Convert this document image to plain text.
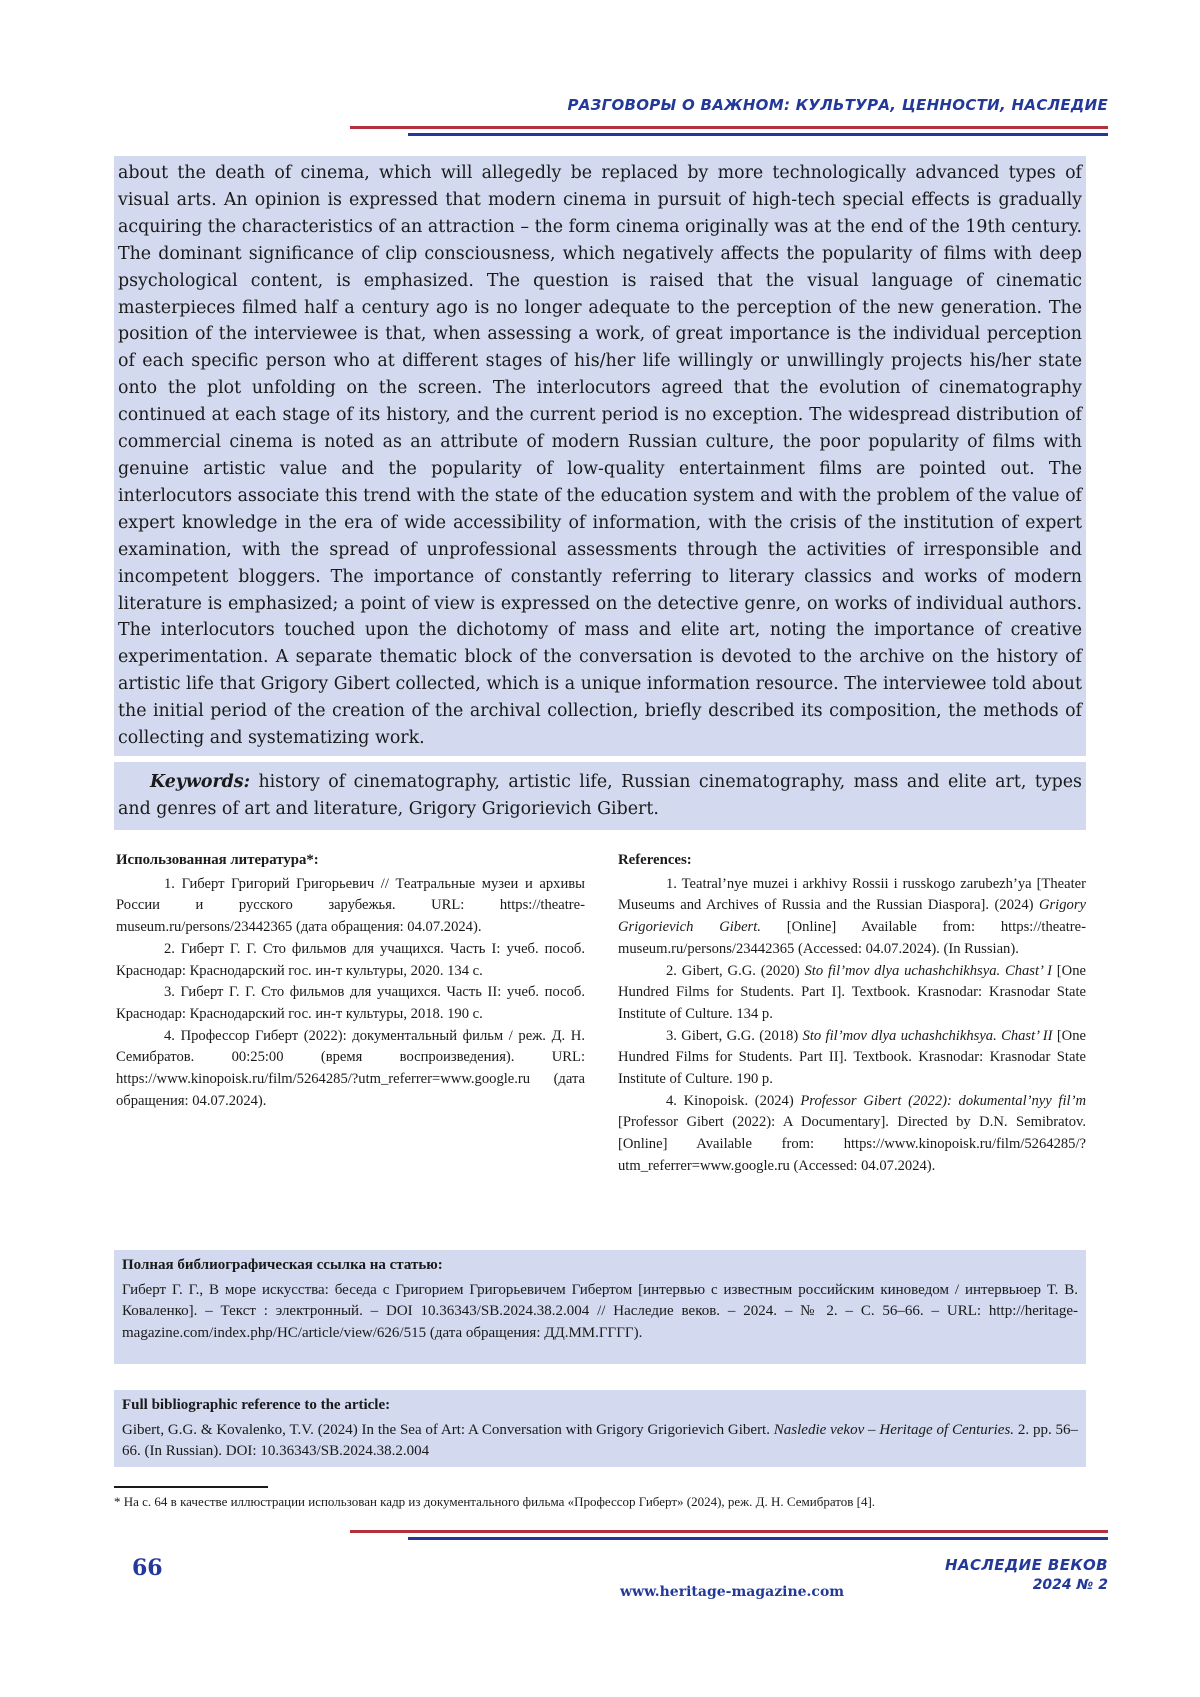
РАЗГОВОРЫ О ВАЖНОМ: КУЛЬТУРА, ЦЕННОСТИ, НАСЛЕДИЕ

about the death of cinema, which will allegedly be replaced by more technologically advanced types of visual arts. An opinion is expressed that modern cinema in pursuit of high-tech special effects is gradually acquiring the characteristics of an attraction – the form cinema originally was at the end of the 19th century. The dominant significance of clip consciousness, which negatively affects the popularity of films with deep psychological content, is emphasized. The question is raised that the visual language of cinematic masterpieces filmed half a century ago is no longer adequate to the perception of the new generation. The position of the interviewee is that, when assessing a work, of great importance is the individual perception of each specific person who at different stages of his/her life willingly or unwillingly projects his/her state onto the plot unfolding on the screen. The interlocutors agreed that the evolution of cinematography continued at each stage of its history, and the current period is no exception. The widespread distribution of commercial cinema is noted as an attribute of modern Russian culture, the poor popularity of films with genuine artistic value and the popularity of low-quality entertainment films are pointed out. The interlocutors associate this trend with the state of the education system and with the problem of the value of expert knowledge in the era of wide accessibility of information, with the crisis of the institution of expert examination, with the spread of unprofessional assessments through the activities of irresponsible and incompetent bloggers. The importance of constantly referring to literary classics and works of modern literature is emphasized; a point of view is expressed on the detective genre, on works of individual authors. The interlocutors touched upon the dichotomy of mass and elite art, noting the importance of creative experimentation. A separate thematic block of the conversation is devoted to the archive on the history of artistic life that Grigory Gibert collected, which is a unique information resource. The interviewee told about the initial period of the creation of the archival collection, briefly described its composition, the methods of collecting and systematizing work.

Keywords: history of cinematography, artistic life, Russian cinematography, mass and elite art, types and genres of art and literature, Grigory Grigorievich Gibert.
Использованная литература*:

1. Гиберт Григорий Григорьевич // Театральные музеи и архивы России и русского зарубежья. URL: https://theatre-museum.ru/persons/23442365 (дата обращения: 04.07.2024).

2. Гиберт Г. Г. Сто фильмов для учащихся. Часть I: учеб. пособ. Краснодар: Краснодарский гос. ин-т культуры, 2020. 134 с.

3. Гиберт Г. Г. Сто фильмов для учащихся. Часть II: учеб. пособ. Краснодар: Краснодарский гос. ин-т культуры, 2018. 190 с.

4. Профессор Гиберт (2022): документальный фильм / реж. Д. Н. Семибратов. 00:25:00 (время воспроизведения). URL: https://www.kinopoisk.ru/film/5264285/?utm_referrer=www.google.ru (дата обращения: 04.07.2024).

References:

1. Teatral’nye muzei i arkhivy Rossii i russkogo zarubezh’ya [Theater Museums and Archives of Russia and the Russian Diaspora]. (2024) Grigory Grigorievich Gibert. [Online] Available from: https://theatre-museum.ru/persons/23442365 (Accessed: 04.07.2024). (In Russian).

2. Gibert, G.G. (2020) Sto fil’mov dlya uchashchikhsya. Chast’ I [One Hundred Films for Students. Part I]. Textbook. Krasnodar: Krasnodar State Institute of Culture. 134 p.

3. Gibert, G.G. (2018) Sto fil’mov dlya uchashchikhsya. Chast’ II [One Hundred Films for Students. Part II]. Textbook. Krasnodar: Krasnodar State Institute of Culture. 190 p.

4. Kinopoisk. (2024) Professor Gibert (2022): dokumental’nyy fil’m [Professor Gibert (2022): A Documentary]. Directed by D.N. Semibratov. [Online] Available from: https://www.kinopoisk.ru/film/5264285/?utm_referrer=www.google.ru (Accessed: 04.07.2024).

Полная библиографическая ссылка на статью:

Гиберт Г. Г., В море искусства: беседа с Григорием Григорьевичем Гибертом [интервью с известным российским киноведом / интервьюер Т. В. Коваленко]. – Текст : электронный. – DOI 10.36343/SB.2024.38.2.004 // Наследие веков. – 2024. – № 2. – С. 56–66. – URL: http://heritage-magazine.com/index.php/HC/article/view/626/515 (дата обращения: ДД.ММ.ГГГГ).

Full bibliographic reference to the article:

Gibert, G.G. & Kovalenko, T.V. (2024) In the Sea of Art: A Conversation with Grigory Grigorievich Gibert. Nasledie vekov – Heritage of Centuries. 2. pp. 56–66. (In Russian). DOI: 10.36343/SB.2024.38.2.004

* На с. 64 в качестве иллюстрации использован кадр из документального фильма «Профессор Гиберт» (2024), реж. Д. Н. Семибратов [4].
66
www.heritage-magazine.com
НАСЛЕДИЕ ВЕКОВ
2024 № 2
